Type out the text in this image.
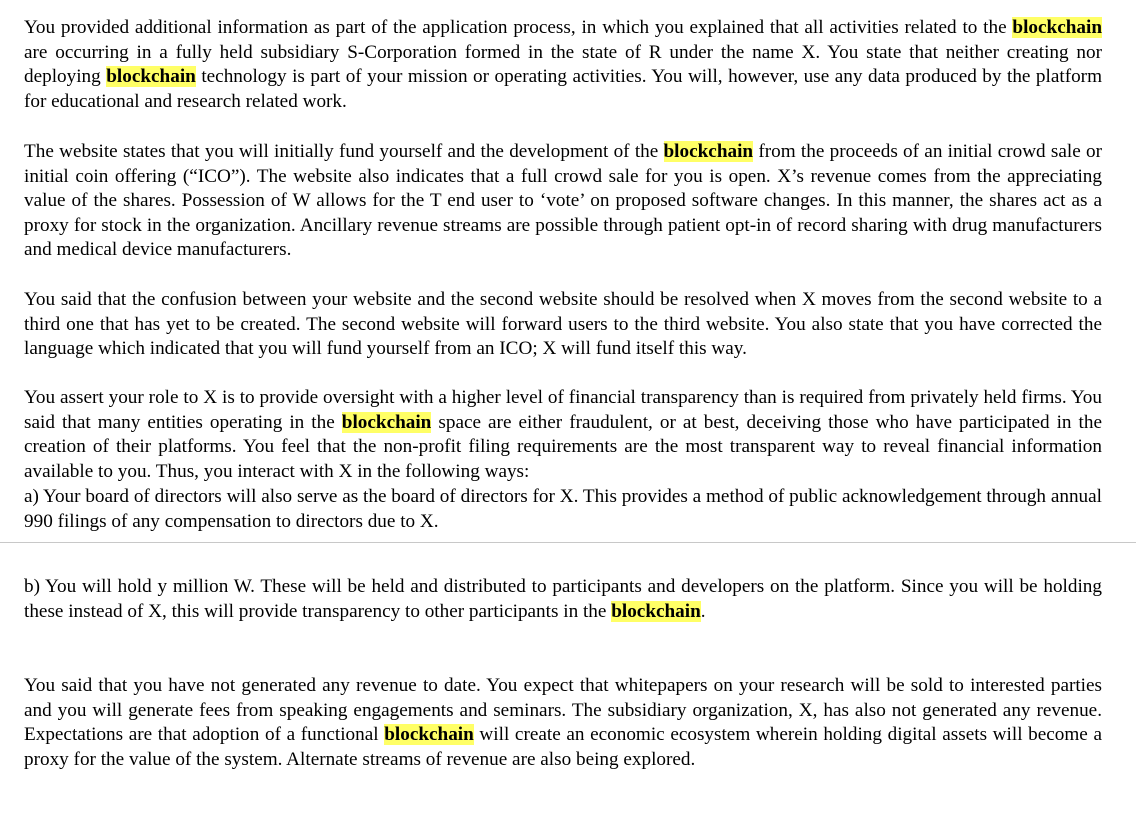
You provided additional information as part of the application process, in which you explained that all activities related to the blockchain are occurring in a fully held subsidiary S-Corporation formed in the state of R under the name X. You state that neither creating nor deploying blockchain technology is part of your mission or operating activities. You will, however, use any data produced by the platform for educational and research related work.

The website states that you will initially fund yourself and the development of the blockchain from the proceeds of an initial crowd sale or initial coin offering (“ICO”). The website also indicates that a full crowd sale for you is open. X’s revenue comes from the appreciating value of the shares. Possession of W allows for the T end user to ‘vote’ on proposed software changes. In this manner, the shares act as a proxy for stock in the organization. Ancillary revenue streams are possible through patient opt-in of record sharing with drug manufacturers and medical device manufacturers.

You said that the confusion between your website and the second website should be resolved when X moves from the second website to a third one that has yet to be created. The second website will forward users to the third website. You also state that you have corrected the language which indicated that you will fund yourself from an ICO; X will fund itself this way.

You assert your role to X is to provide oversight with a higher level of financial transparency than is required from privately held firms. You said that many entities operating in the blockchain space are either fraudulent, or at best, deceiving those who have participated in the creation of their platforms. You feel that the non-profit filing requirements are the most transparent way to reveal financial information available to you. Thus, you interact with X in the following ways:

a) Your board of directors will also serve as the board of directors for X. This provides a method of public acknowledgement through annual 990 filings of any compensation to directors due to X.

b) You will hold y million W. These will be held and distributed to participants and developers on the platform. Since you will be holding these instead of X, this will provide transparency to other participants in the blockchain.

You said that you have not generated any revenue to date. You expect that whitepapers on your research will be sold to interested parties and you will generate fees from speaking engagements and seminars. The subsidiary organization, X, has also not generated any revenue. Expectations are that adoption of a functional blockchain will create an economic ecosystem wherein holding digital assets will become a proxy for the value of the system. Alternate streams of revenue are also being explored.
